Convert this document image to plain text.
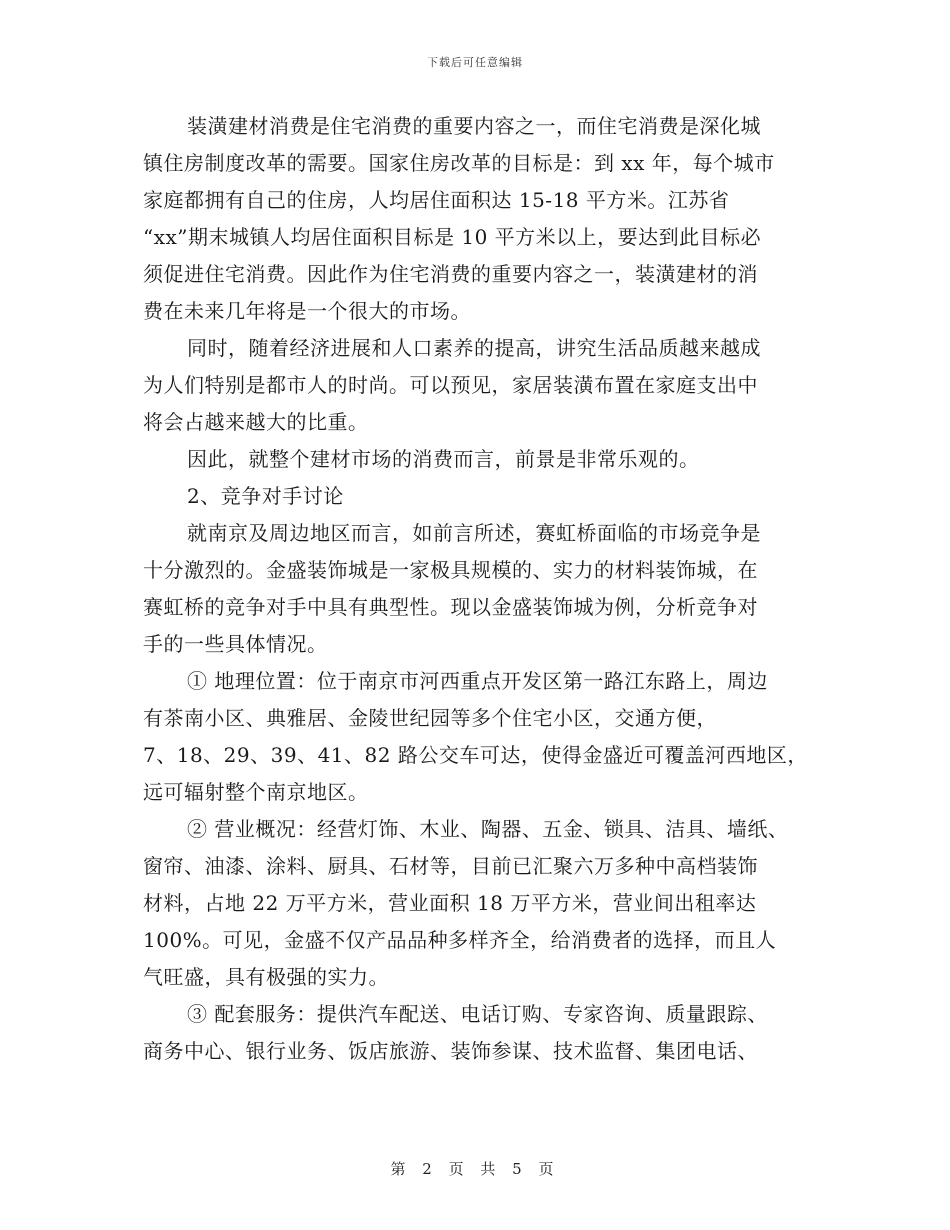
下载后可任意编辑
装潢建材消费是住宅消费的重要内容之一，而住宅消费是深化城
镇住房制度改革的需要。国家住房改革的目标是：到 xx 年，每个城市
家庭都拥有自己的住房，人均居住面积达 15-18 平方米。江苏省
“xx”期末城镇人均居住面积目标是 10 平方米以上，要达到此目标必
须促进住宅消费。因此作为住宅消费的重要内容之一，装潢建材的消
费在未来几年将是一个很大的市场。
同时，随着经济进展和人口素养的提高，讲究生活品质越来越成
为人们特别是都市人的时尚。可以预见，家居装潢布置在家庭支出中
将会占越来越大的比重。
因此，就整个建材市场的消费而言，前景是非常乐观的。
2、竞争对手讨论
就南京及周边地区而言，如前言所述，赛虹桥面临的市场竞争是
十分激烈的。金盛装饰城是一家极具规模的、实力的材料装饰城，在
赛虹桥的竞争对手中具有典型性。现以金盛装饰城为例，分析竞争对
手的一些具体情况。
① 地理位置：位于南京市河西重点开发区第一路江东路上，周边
有茶南小区、典雅居、金陵世纪园等多个住宅小区，交通方便，
7、18、29、39、41、82 路公交车可达，使得金盛近可覆盖河西地区，
远可辐射整个南京地区。
② 营业概况：经营灯饰、木业、陶器、五金、锁具、洁具、墙纸、
窗帘、油漆、涂料、厨具、石材等，目前已汇聚六万多种中高档装饰
材料，占地 22 万平方米，营业面积 18 万平方米，营业间出租率达
100%。可见，金盛不仅产品品种多样齐全，给消费者的选择，而且人
气旺盛，具有极强的实力。
③ 配套服务：提供汽车配送、电话订购、专家咨询、质量跟踪、
商务中心、银行业务、饭店旅游、装饰参谋、技术监督、集团电话、
第 2 页 共 5 页
